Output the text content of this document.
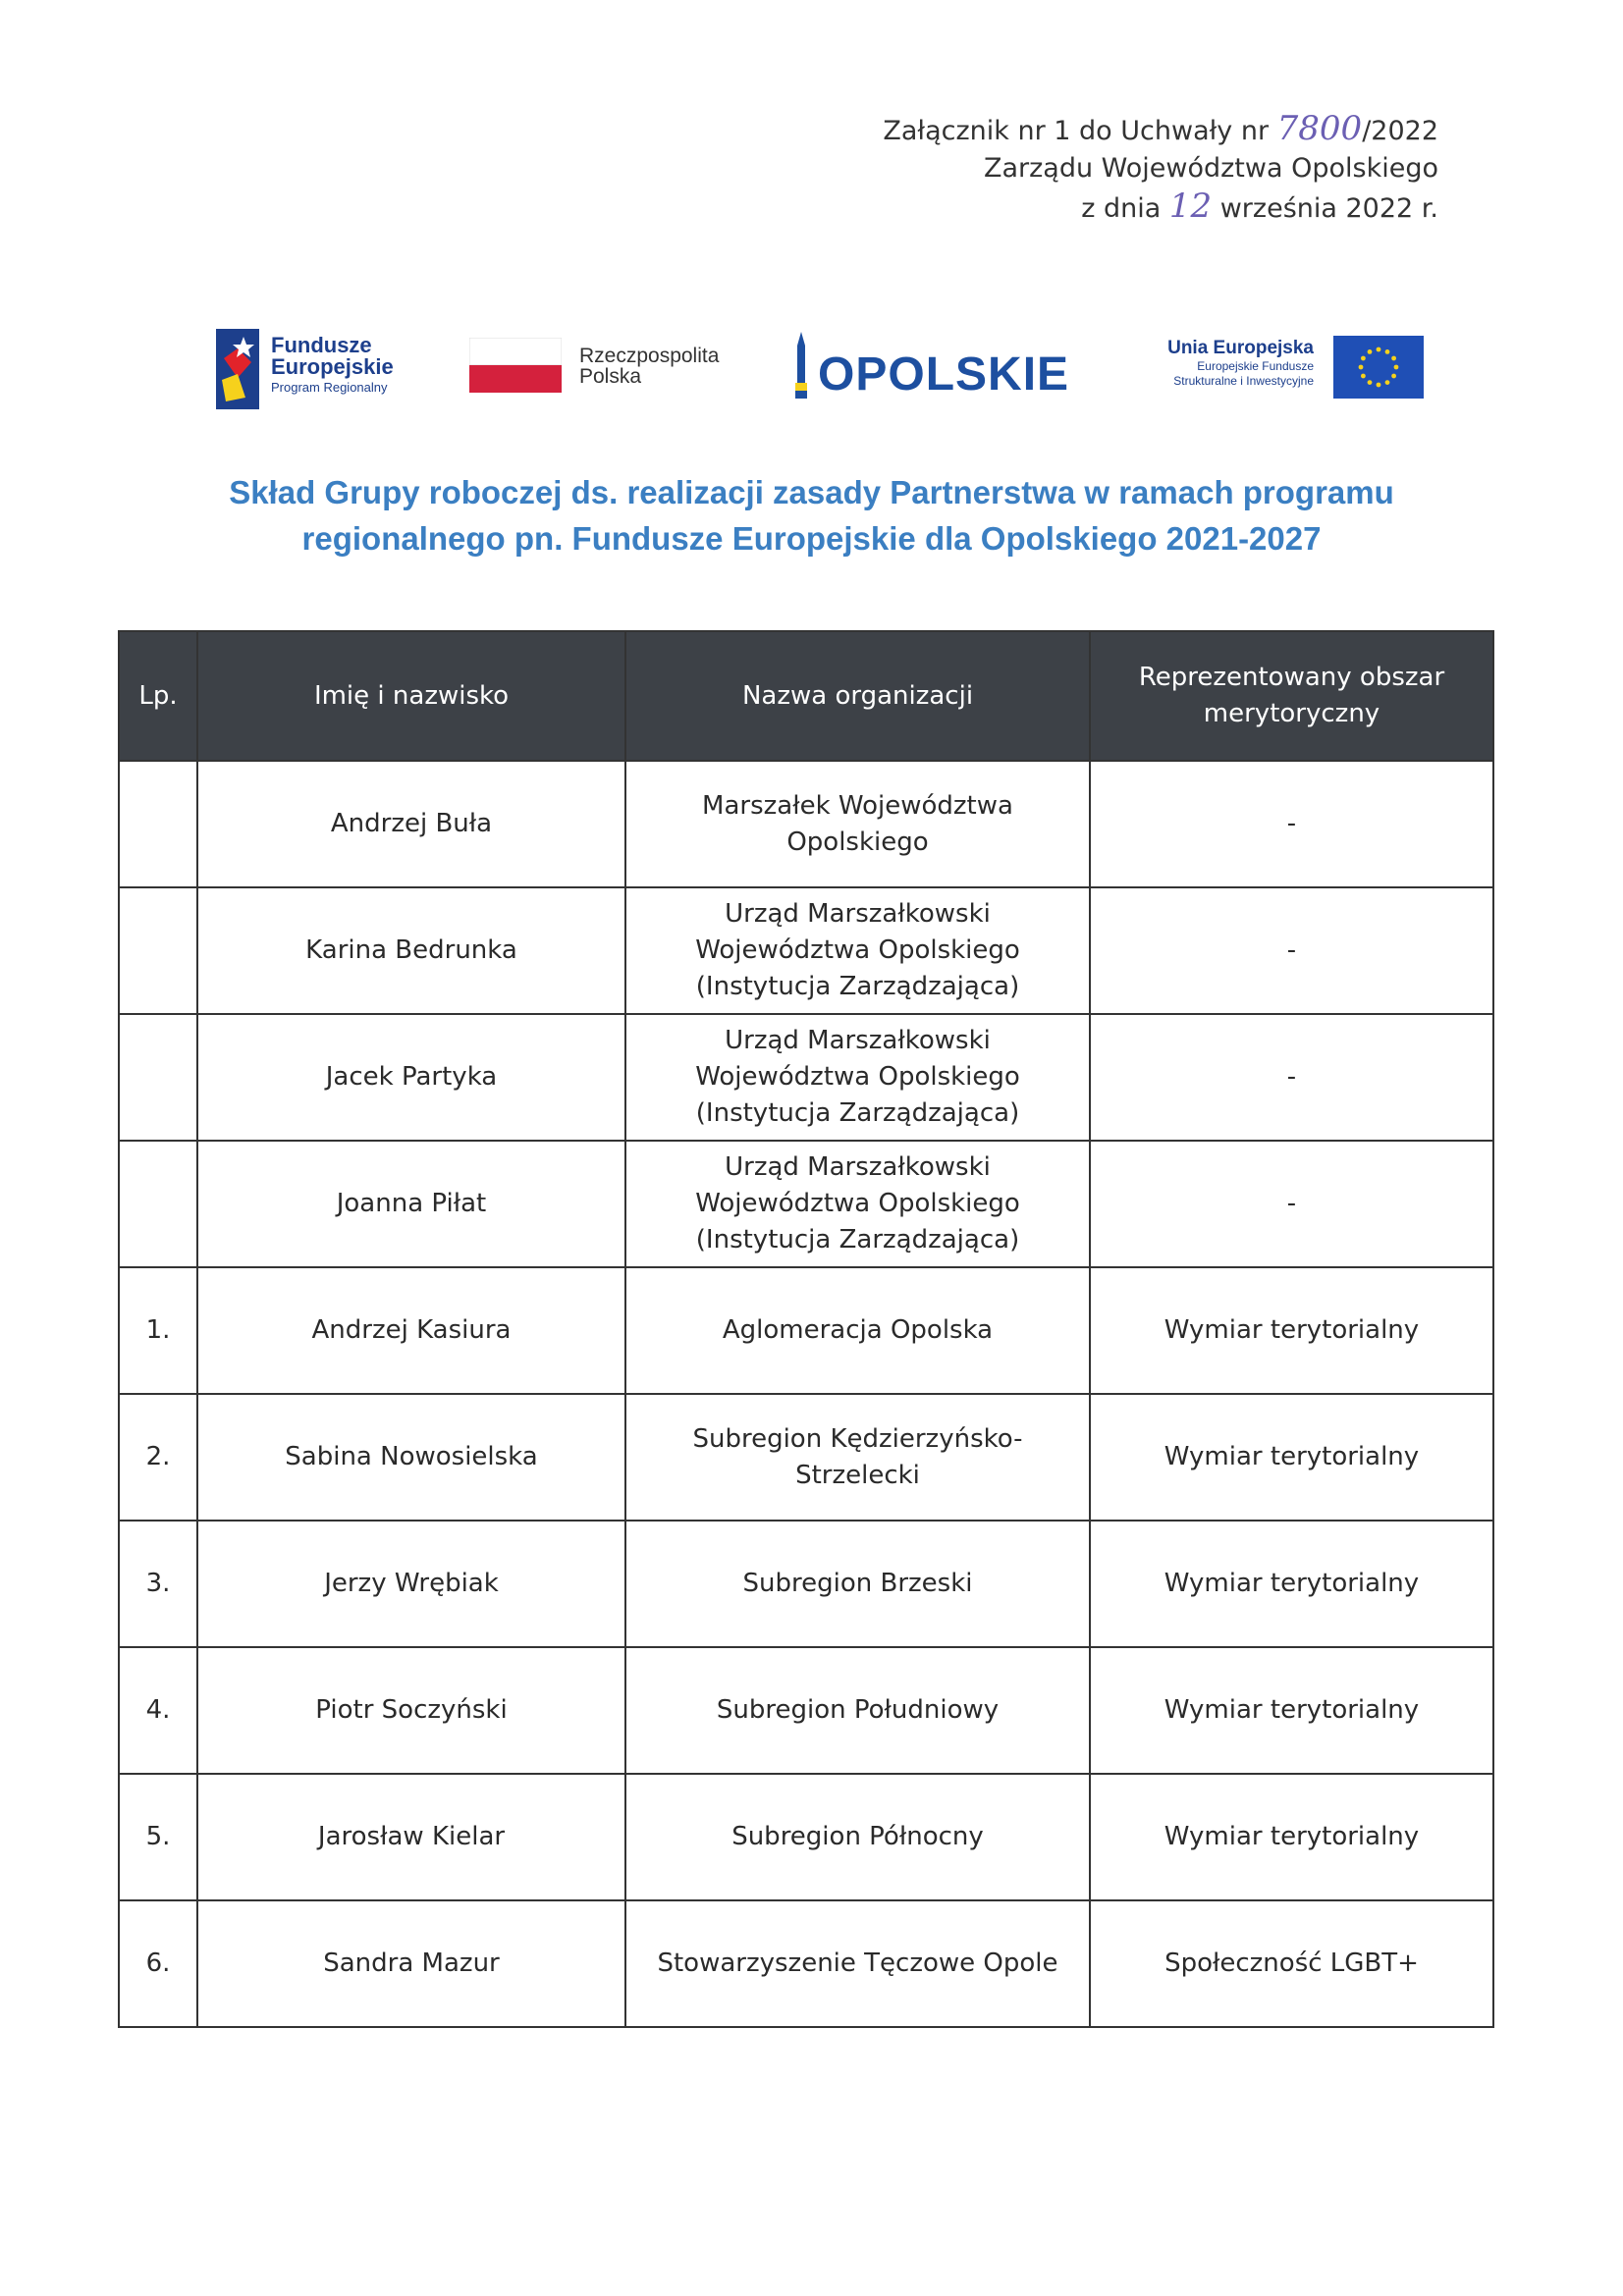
Załącznik nr 1 do Uchwały nr 7800/2022
Zarządu Województwa Opolskiego
z dnia 12 września 2022 r.
Fundusze
Europejskie
Program Regionalny
Rzeczpospolita
Polska	OPOLSKIE
Unia Europejska
Europejskie Fundusze
Strukturalne i Inwestycyjne
Skład Grupy roboczej ds. realizacji zasady Partnerstwa w ramach programu
regionalnego pn. Fundusze Europejskie dla Opolskiego 2021-2027
Lp.	Imię i nazwisko	Nazwa organizacji	Reprezentowany obszar merytoryczny
	Andrzej Buła	Marszałek Województwa Opolskiego	-
	Karina Bedrunka	Urząd Marszałkowski Województwa Opolskiego (Instytucja Zarządzająca)	-
	Jacek Partyka	Urząd Marszałkowski Województwa Opolskiego (Instytucja Zarządzająca)	-
	Joanna Piłat	Urząd Marszałkowski Województwa Opolskiego (Instytucja Zarządzająca)	-
1.	Andrzej Kasiura	Aglomeracja Opolska	Wymiar terytorialny
2.	Sabina Nowosielska	Subregion Kędzierzyńsko-Strzelecki	Wymiar terytorialny
3.	Jerzy Wrębiak	Subregion Brzeski	Wymiar terytorialny
4.	Piotr Soczyński	Subregion Południowy	Wymiar terytorialny
5.	Jarosław Kielar	Subregion Północny	Wymiar terytorialny
6.	Sandra Mazur	Stowarzyszenie Tęczowe Opole	Społeczność LGBT+
